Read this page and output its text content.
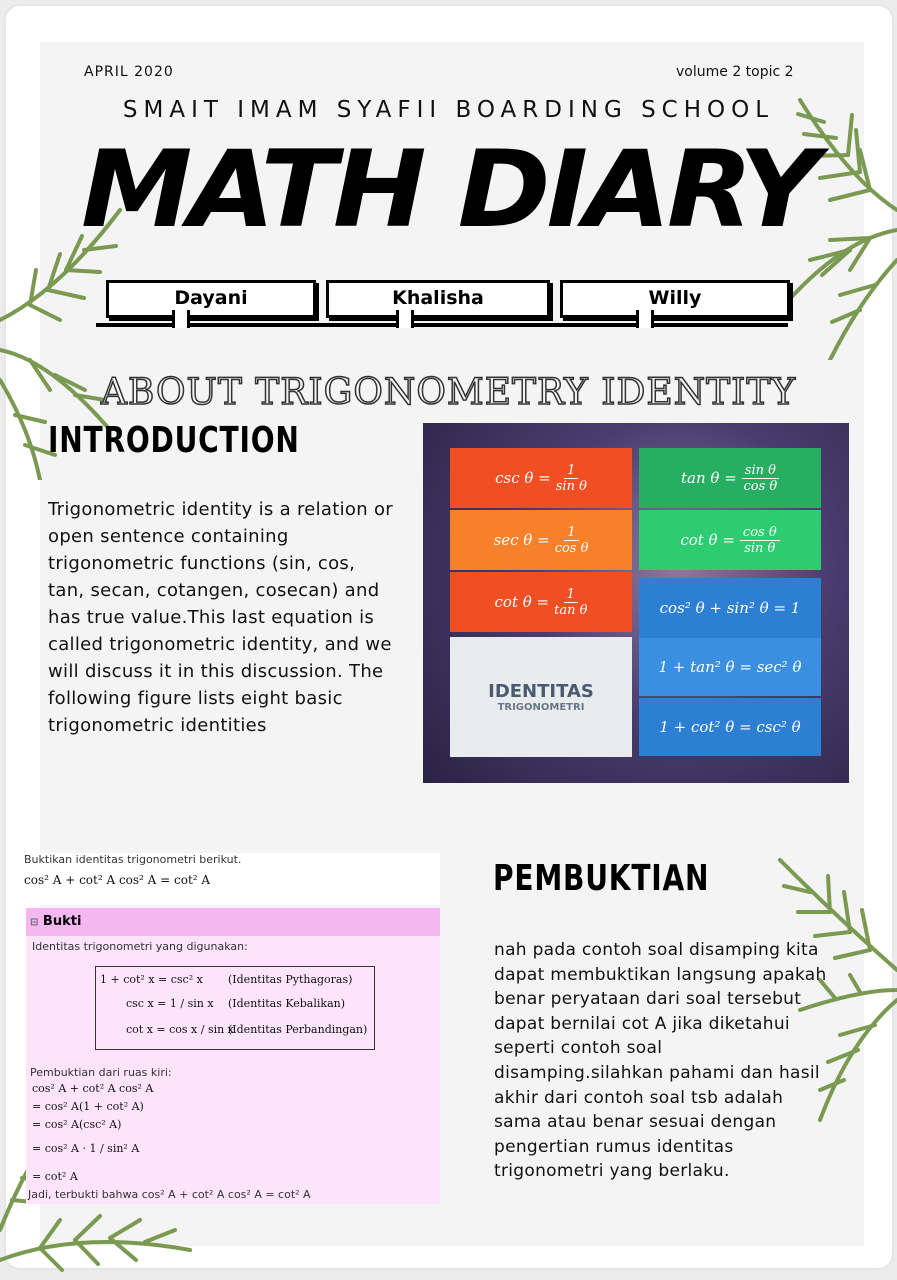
APRIL 2020	volume 2 topic 2
SMAIT IMAM SYAFII BOARDING SCHOOL
MATH DIARY
Dayani	Khalisha	Willy
ABOUT TRIGONOMETRY IDENTITY
INTRODUCTION
Trigonometric identity is a relation or open sentence containing trigonometric functions (sin, cos, tan, secan, cotangen, cosecan) and has true value.This last equation is called trigonometric identity, and we will discuss it in this discussion. The following figure lists eight basic trigonometric identities
$\csc \theta = \frac{1}{\text{sin θ}}$
$\sec \theta = \frac{1}{\text{cos θ}}$
$\cot \theta = \frac{1}{\text{tan θ}}$
$\tan \theta = \frac{\text{sin θ}}{\text{cos θ}}$
$\cot \theta = \frac{\text{cos θ}}{\text{sin θ}}$
cos² θ + sin² θ = 1
1 + tan² θ = sec² θ
1 + cot² θ = csc² θ
IDENTITAS
TRIGONOMETRI
Buktikan identitas trigonometri berikut.
cos² A + cot² A cos² A = cot² A
⊟ Bukti
Identitas trigonometri yang digunakan:
1 + cot² x = csc² x (Identitas Pythagoras)
csc x = 1 / sin x (Identitas Kebalikan)
cot x = cos x / sin x
(Identitas Perbandingan)
Pembuktian dari ruas kiri:
cos² A + cot² A cos² A
= cos² A(1 + cot² A)
= cos² A(csc² A)
= cos² A · 1 / sin² A
= cot² A
Jadi, terbukti bahwa cos² A + cot² A cos² A = cot² A
PEMBUKTIAN
nah pada contoh soal disamping kita dapat membuktikan langsung apakah benar peryataan dari soal tersebut dapat bernilai cot A jika diketahui seperti contoh soal disamping.silahkan pahami dan hasil akhir dari contoh soal tsb adalah sama atau benar sesuai dengan pengertian rumus identitas trigonometri yang berlaku.
